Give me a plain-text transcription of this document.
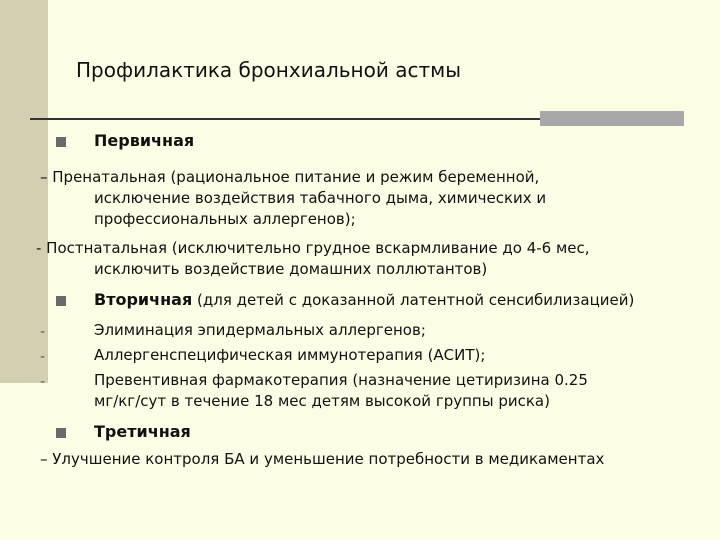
Профилактика бронхиальной астмы
Первичная
– Пренатальная (рациональное питание и режим беременной,
исключение воздействия табачного дыма, химических и
профессиональных аллергенов);
- Постнатальная (исключительно грудное вскармливание до 4-6 мес,
исключить воздействие домашних поллютантов)
Вторичная (для детей с доказанной латентной сенсибилизацией)
-	Элиминация эпидермальных аллергенов;
-	Аллергенспецифическая иммунотерапия (АСИТ);
-	Превентивная фармакотерапия (назначение цетиризина 0.25
мг/кг/сут в течение 18 мес детям высокой группы риска)
Третичная
– Улучшение контроля БА и уменьшение потребности в медикаментах
